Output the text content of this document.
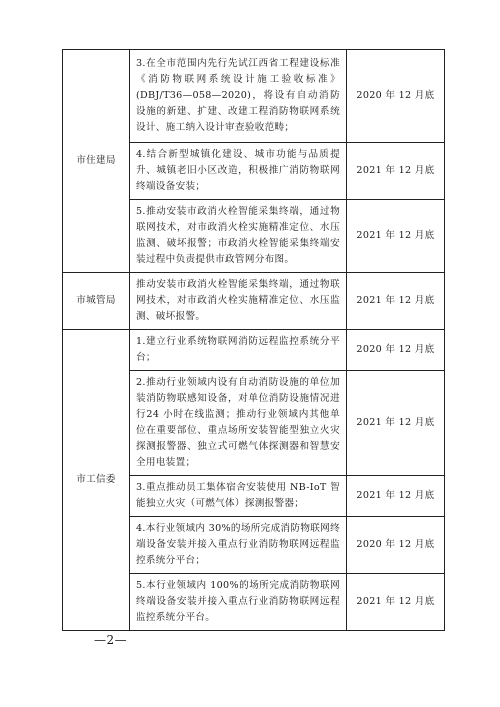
市住建局	3.在全市范围内先行先试江西省工程建设标准《消防物联网系统设计施工验收标准》(DBJ/T36—058—2020)，将设有自动消防设施的新建、扩建、改建工程消防物联网系统设计、施工纳入设计审查验收范畴；	2020 年 12 月底
	4.结合新型城镇化建设、城市功能与品质提升、城镇老旧小区改造，积极推广消防物联网终端设备安装；	2021 年 12 月底
	5.推动安装市政消火栓智能采集终端，通过物联网技术，对市政消火栓实施精准定位、水压监测、破坏报警；市政消火栓智能采集终端安装过程中负责提供市政管网分布图。	2021 年 12 月底
市城管局	推动安装市政消火栓智能采集终端，通过物联网技术，对市政消火栓实施精准定位、水压监测、破坏报警。	2021 年 12 月底
市工信委	1.建立行业系统物联网消防远程监控系统分平台；	2020 年 12 月底
	2.推动行业领域内设有自动消防设施的单位加装消防物联感知设备，对单位消防设施情况进行24 小时在线监测；推动行业领域内其他单位在重要部位、重点场所安装智能型独立火灾探测报警器、独立式可燃气体探测器和智慧安全用电装置；	2021 年 12 月底
	3.重点推动员工集体宿舍安装使用 NB-IoT 智能独立火灾（可燃气体）探测报警器；	2021 年 12 月底
	4.本行业领域内 30%的场所完成消防物联网终端设备安装并接入重点行业消防物联网远程监控系统分平台；	2020 年 12 月底
	5.本行业领域内 100%的场所完成消防物联网终端设备安装并接入重点行业消防物联网远程监控系统分平台。	2021 年 12 月底
—2—
